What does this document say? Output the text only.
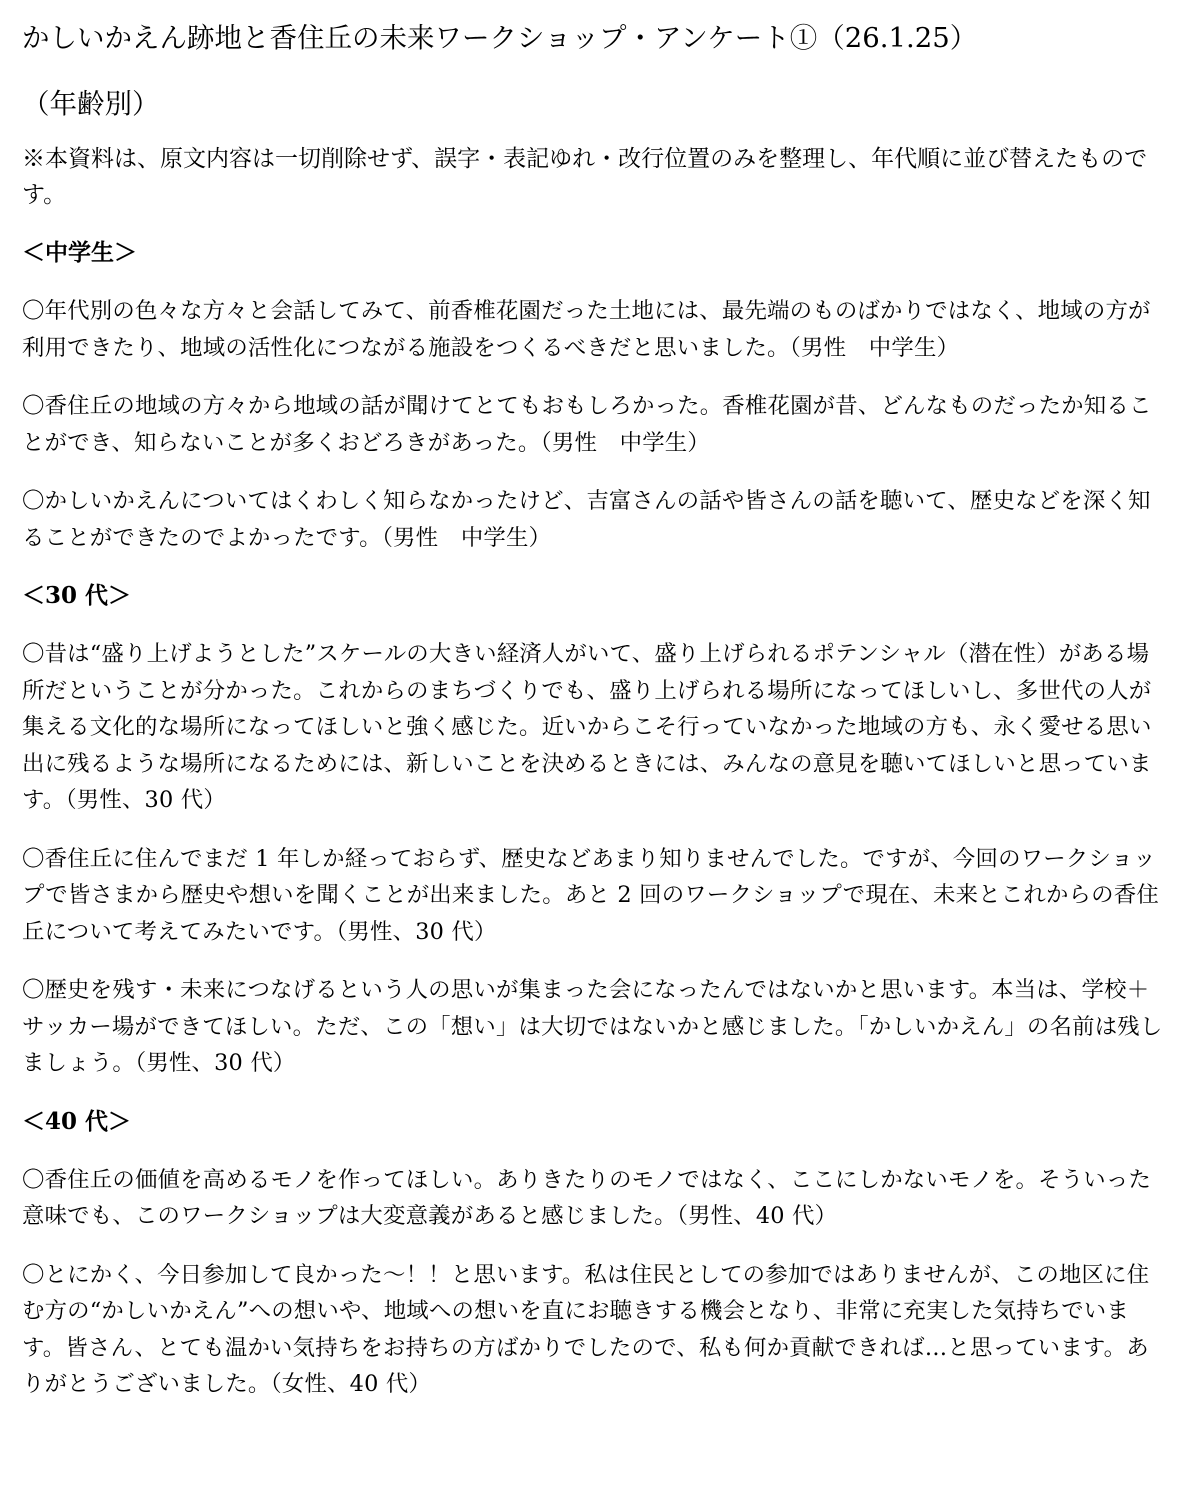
かしいかえん跡地と香住丘の未来ワークショップ・アンケート①（26.1.25）
（年齢別）

※本資料は、原文内容は一切削除せず、誤字・表記ゆれ・改行位置のみを整理し、年代順に並び替えたものです。

＜中学生＞

〇年代別の色々な方々と会話してみて、前香椎花園だった土地には、最先端のものばかりではなく、地域の方が利用できたり、地域の活性化につながる施設をつくるべきだと思いました。（男性　中学生）
〇香住丘の地域の方々から地域の話が聞けてとてもおもしろかった。香椎花園が昔、どんなものだったか知ることができ、知らないことが多くおどろきがあった。（男性　中学生）
〇かしいかえんについてはくわしく知らなかったけど、吉富さんの話や皆さんの話を聴いて、歴史などを深く知ることができたのでよかったです。（男性　中学生）

＜30 代＞

〇昔は“盛り上げようとした”スケールの大きい経済人がいて、盛り上げられるポテンシャル（潜在性）がある場所だということが分かった。これからのまちづくりでも、盛り上げられる場所になってほしいし、多世代の人が集える文化的な場所になってほしいと強く感じた。近いからこそ行っていなかった地域の方も、永く愛せる思い出に残るような場所になるためには、新しいことを決めるときには、みんなの意見を聴いてほしいと思っています。（男性、30 代）
〇香住丘に住んでまだ 1 年しか経っておらず、歴史などあまり知りませんでした。ですが、今回のワークショップで皆さまから歴史や想いを聞くことが出来ました。あと 2 回のワークショップで現在、未来とこれからの香住丘について考えてみたいです。（男性、30 代）
〇歴史を残す・未来につなげるという人の思いが集まった会になったんではないかと思います。本当は、学校＋サッカー場ができてほしい。ただ、この「想い」は大切ではないかと感じました。「かしいかえん」の名前は残しましょう。（男性、30 代）

＜40 代＞

〇香住丘の価値を高めるモノを作ってほしい。ありきたりのモノではなく、ここにしかないモノを。そういった意味でも、このワークショップは大変意義があると感じました。（男性、40 代）
〇とにかく、今日参加して良かった～！！と思います。私は住民としての参加ではありませんが、この地区に住む方の“かしいかえん”への想いや、地域への想いを直にお聴きする機会となり、非常に充実した気持ちでいます。皆さん、とても温かい気持ちをお持ちの方ばかりでしたので、私も何か貢献できれば…と思っています。ありがとうございました。（女性、40 代）
